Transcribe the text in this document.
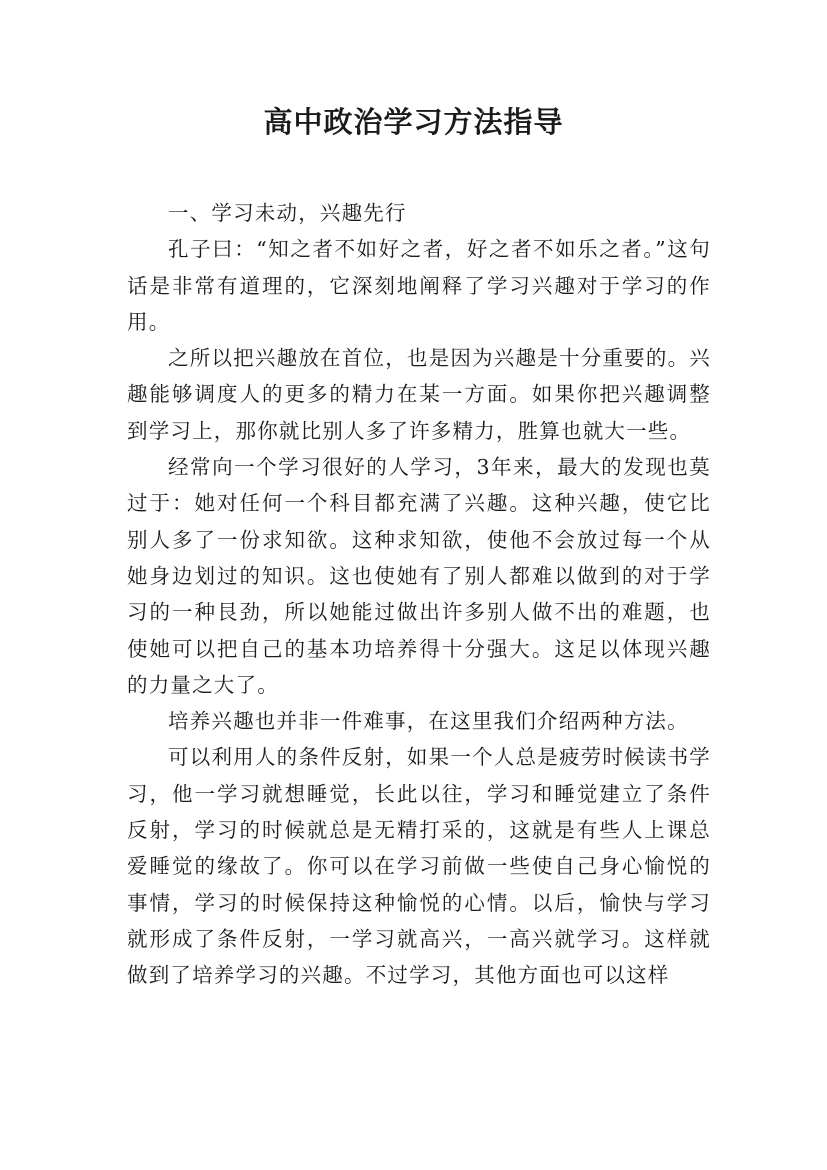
高中政治学习方法指导

一、学习未动，兴趣先行

孔子曰：“知之者不如好之者，好之者不如乐之者。”这句话是非常有道理的，它深刻地阐释了学习兴趣对于学习的作用。

之所以把兴趣放在首位，也是因为兴趣是十分重要的。兴趣能够调度人的更多的精力在某一方面。如果你把兴趣调整到学习上，那你就比别人多了许多精力，胜算也就大一些。

经常向一个学习很好的人学习，3年来，最大的发现也莫过于：她对任何一个科目都充满了兴趣。这种兴趣，使它比别人多了一份求知欲。这种求知欲，使他不会放过每一个从她身边划过的知识。这也使她有了别人都难以做到的对于学习的一种艮劲，所以她能过做出许多别人做不出的难题，也使她可以把自己的基本功培养得十分强大。这足以体现兴趣的力量之大了。

培养兴趣也并非一件难事，在这里我们介绍两种方法。

可以利用人的条件反射，如果一个人总是疲劳时候读书学习，他一学习就想睡觉，长此以往，学习和睡觉建立了条件反射，学习的时候就总是无精打采的，这就是有些人上课总爱睡觉的缘故了。你可以在学习前做一些使自己身心愉悦的事情，学习的时候保持这种愉悦的心情。以后，愉快与学习就形成了条件反射，一学习就高兴，一高兴就学习。这样就做到了培养学习的兴趣。不过学习，其他方面也可以这样
